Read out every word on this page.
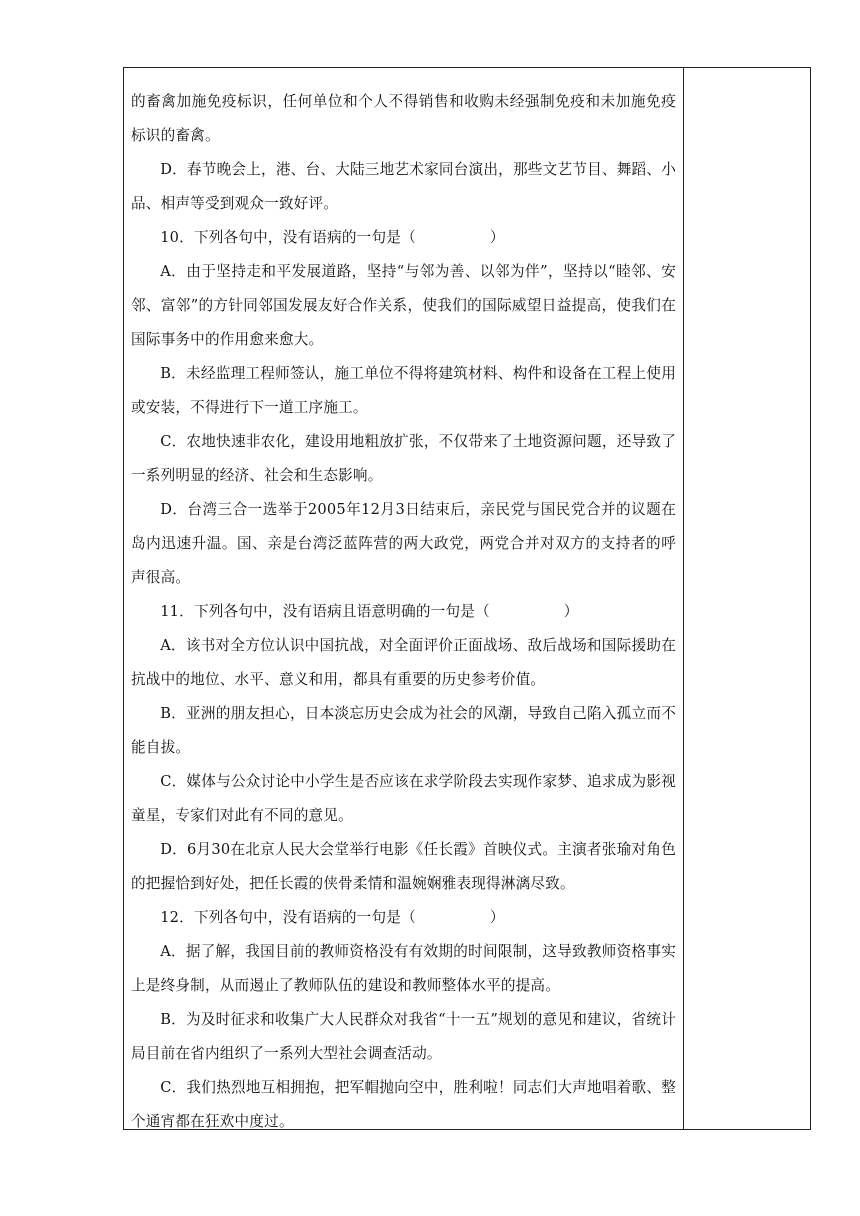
的畜禽加施免疫标识，任何单位和个人不得销售和收购未经强制免疫和未加施免疫标识的畜禽。

D．春节晚会上，港、台、大陆三地艺术家同台演出，那些文艺节目、舞蹈、小品、相声等受到观众一致好评。

10．下列各句中，没有语病的一句是（　　　　　）

A．由于坚持走和平发展道路，坚持“与邻为善、以邻为伴”，坚持以“睦邻、安邻、富邻”的方针同邻国发展友好合作关系，使我们的国际威望日益提高，使我们在国际事务中的作用愈来愈大。

B．未经监理工程师签认，施工单位不得将建筑材料、构件和设备在工程上使用或安装，不得进行下一道工序施工。

C．农地快速非农化，建设用地粗放扩张，不仅带来了土地资源问题，还导致了一系列明显的经济、社会和生态影响。

D．台湾三合一选举于2005年12月3日结束后，亲民党与国民党合并的议题在岛内迅速升温。国、亲是台湾泛蓝阵营的两大政党，两党合并对双方的支持者的呼声很高。

11．下列各句中，没有语病且语意明确的一句是（　　　　　）

A．该书对全方位认识中国抗战，对全面评价正面战场、敌后战场和国际援助在抗战中的地位、水平、意义和用，都具有重要的历史参考价值。

B．亚洲的朋友担心，日本淡忘历史会成为社会的风潮，导致自己陷入孤立而不能自拔。

C．媒体与公众讨论中小学生是否应该在求学阶段去实现作家梦、追求成为影视童星，专家们对此有不同的意见。

D．6月30在北京人民大会堂举行电影《任长霞》首映仪式。主演者张瑜对角色的把握恰到好处，把任长霞的侠骨柔情和温婉娴雅表现得淋漓尽致。

12．下列各句中，没有语病的一句是（　　　　　）

A．据了解，我国目前的教师资格没有有效期的时间限制，这导致教师资格事实上是终身制，从而遏止了教师队伍的建设和教师整体水平的提高。

B．为及时征求和收集广大人民群众对我省“十一五”规划的意见和建议，省统计局目前在省内组织了一系列大型社会调查活动。

C．我们热烈地互相拥抱，把军帽抛向空中，胜利啦！同志们大声地唱着歌、整个通宵都在狂欢中度过。
